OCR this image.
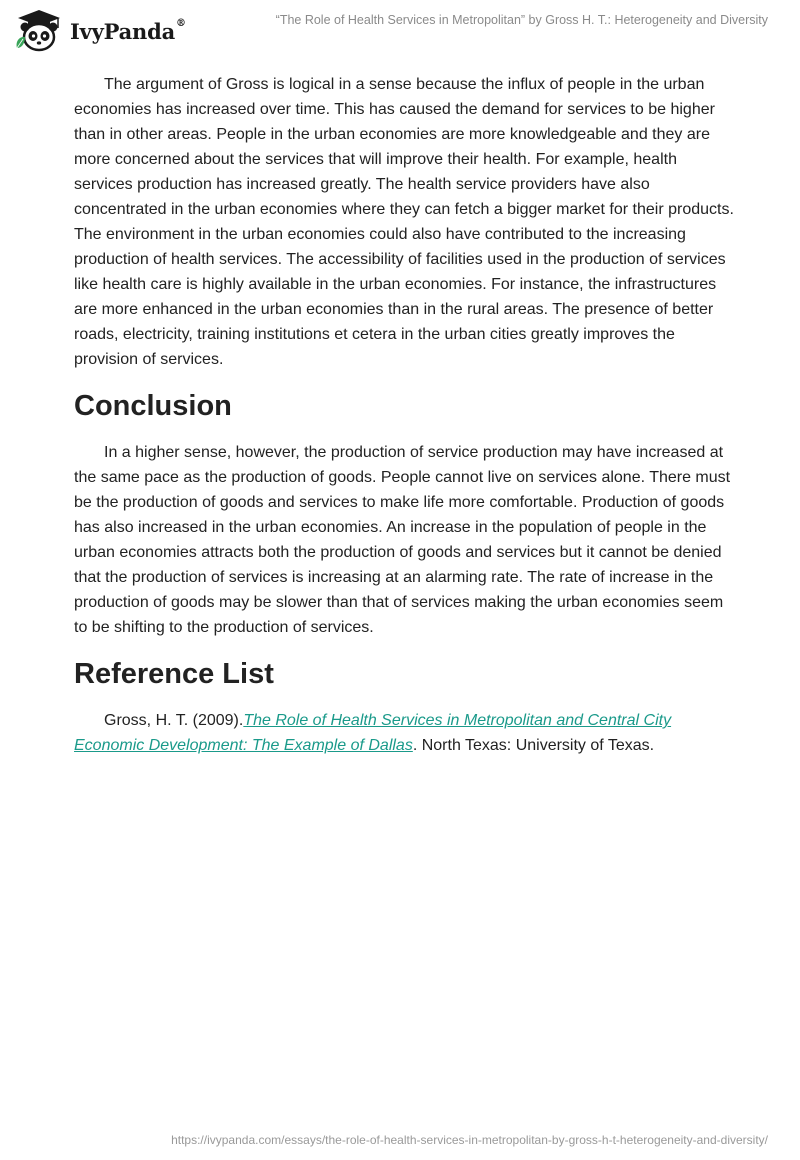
IvyPanda®	“The Role of Health Services in Metropolitan” by Gross H. T.: Heterogeneity and Diversity

The argument of Gross is logical in a sense because the influx of people in the urban economies has increased over time. This has caused the demand for services to be higher than in other areas. People in the urban economies are more knowledgeable and they are more concerned about the services that will improve their health. For example, health services production has increased greatly. The health service providers have also concentrated in the urban economies where they can fetch a bigger market for their products. The environment in the urban economies could also have contributed to the increasing production of health services. The accessibility of facilities used in the production of services like health care is highly available in the urban economies. For instance, the infrastructures are more enhanced in the urban economies than in the rural areas. The presence of better roads, electricity, training institutions et cetera in the urban cities greatly improves the provision of services.

Conclusion

In a higher sense, however, the production of service production may have increased at the same pace as the production of goods. People cannot live on services alone. There must be the production of goods and services to make life more comfortable. Production of goods has also increased in the urban economies. An increase in the population of people in the urban economies attracts both the production of goods and services but it cannot be denied that the production of services is increasing at an alarming rate. The rate of increase in the production of goods may be slower than that of services making the urban economies seem to be shifting to the production of services.

Reference List

Gross, H. T. (2009).The Role of Health Services in Metropolitan and Central City Economic Development: The Example of Dallas. North Texas: University of Texas.

https://ivypanda.com/essays/the-role-of-health-services-in-metropolitan-by-gross-h-t-heterogeneity-and-diversity/
